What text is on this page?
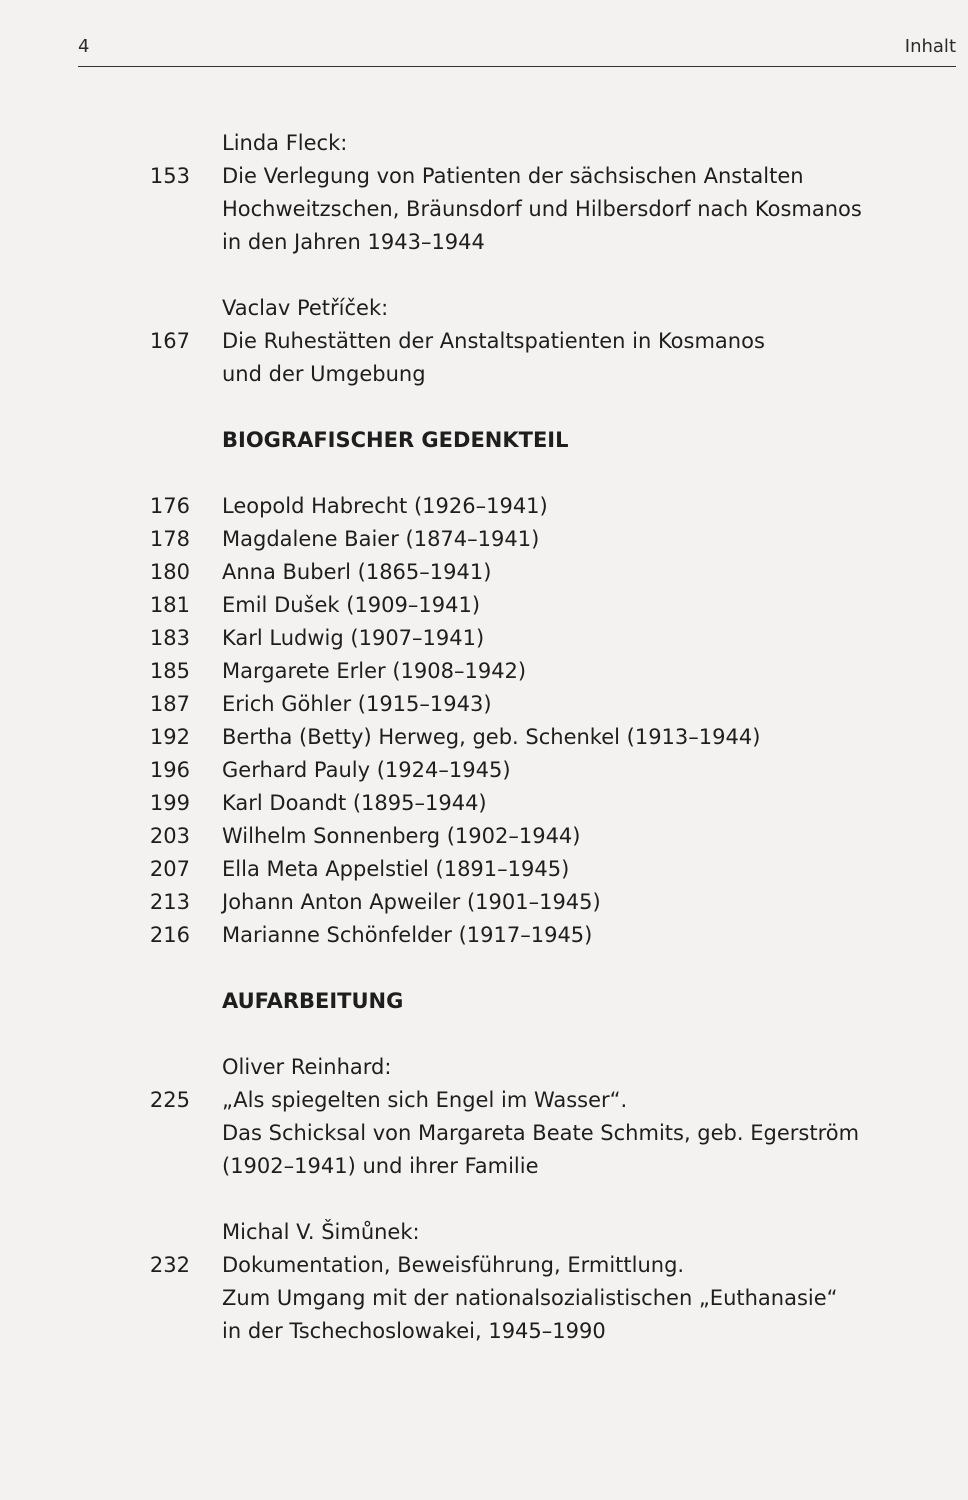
4	Inhalt
Linda Fleck:
153 Die Verlegung von Patienten der sächsischen Anstalten
Hochweitzschen, Bräunsdorf und Hilbersdorf nach Kosmanos
in den Jahren 1943–1944
Vaclav Petříček:
167 Die Ruhestätten der Anstaltspatienten in Kosmanos
und der Umgebung
BIOGRAFISCHER GEDENKTEIL
176 Leopold Habrecht (1926–1941)
178 Magdalene Baier (1874–1941)
180 Anna Buberl (1865–1941)
181 Emil Dušek (1909–1941)
183 Karl Ludwig (1907–1941)
185 Margarete Erler (1908–1942)
187 Erich Göhler (1915–1943)
192 Bertha (Betty) Herweg, geb. Schenkel (1913–1944)
196 Gerhard Pauly (1924–1945)
199 Karl Doandt (1895–1944)
203 Wilhelm Sonnenberg (1902–1944)
207 Ella Meta Appelstiel (1891–1945)
213 Johann Anton Apweiler (1901–1945)
216 Marianne Schönfelder (1917–1945)
AUFARBEITUNG
Oliver Reinhard:
225 „Als spiegelten sich Engel im Wasser“.
Das Schicksal von Margareta Beate Schmits, geb. Egerström
(1902–1941) und ihrer Familie
Michal V. Šimůnek:
232 Dokumentation, Beweisführung, Ermittlung.
Zum Umgang mit der nationalsozialistischen „Euthanasie“
in der Tschechoslowakei, 1945–1990
